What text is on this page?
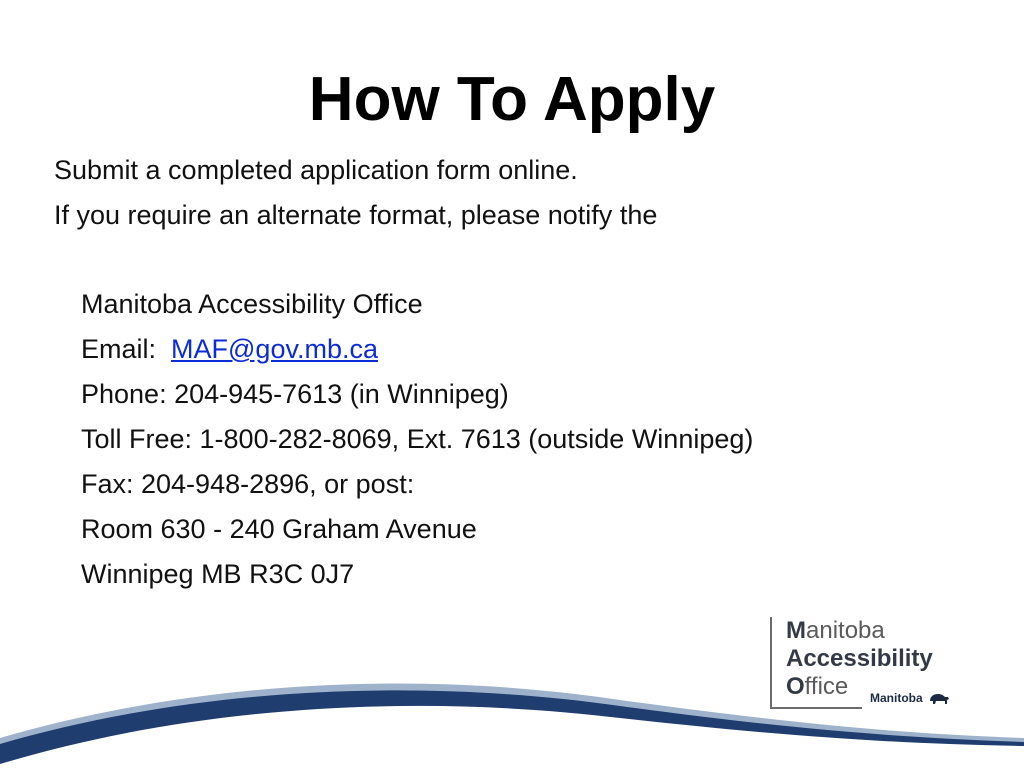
How To Apply
Submit a completed application form online.
If you require an alternate format, please notify the
Manitoba Accessibility Office
Email: MAF@gov.mb.ca
Phone: 204-945-7613 (in Winnipeg)
Toll Free: 1-800-282-8069, Ext. 7613 (outside Winnipeg)
Fax: 204-948-2896, or post:
Room 630 - 240 Graham Avenue
Winnipeg MB R3C 0J7
Manitoba
Accessibility
Office	Manitoba
